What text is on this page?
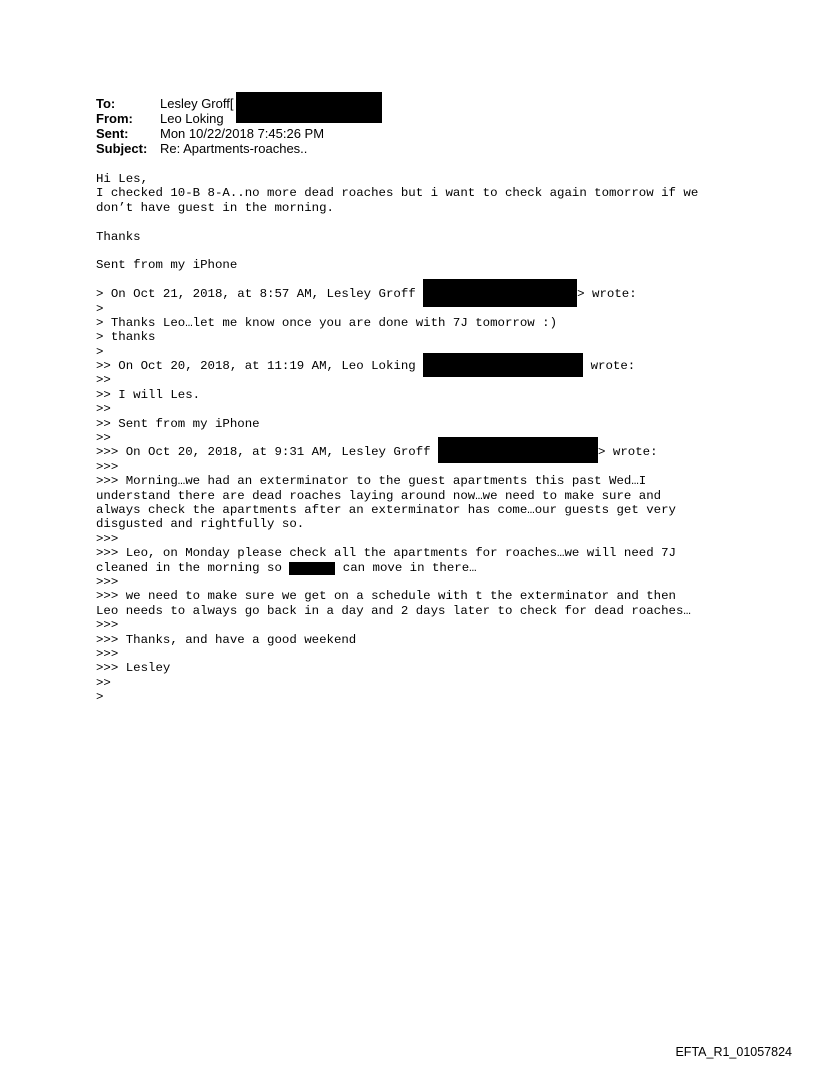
To:	Lesley Groff[
From: Leo Loking
Sent: Mon 10/22/2018 7:45:26 PM
Subject: Re: Apartments-roaches..
Hi Les,
I checked 10-B 8-A..no more dead roaches but i want to check again tomorrow if we
don’t have guest in the morning.
Thanks
Sent from my iPhone
> On Oct 21, 2018, at 8:57 AM, Lesley Groff	> wrote:
>
> Thanks Leo…let me know once you are done with 7J tomorrow :)
> thanks
>
>> On Oct 20, 2018, at 11:19 AM, Leo Loking	wrote:
>>
>> I will Les.
>>
>> Sent from my iPhone
>>
>>> On Oct 20, 2018, at 9:31 AM, Lesley Groff	> wrote:
>>>
>>> Morning…we had an exterminator to the guest apartments this past Wed…I
understand there are dead roaches laying around now…we need to make sure and
always check the apartments after an exterminator has come…our guests get very
disgusted and rightfully so.
>>>
>>> Leo, on Monday please check all the apartments for roaches…we will need 7J
cleaned in the morning so	can move in there…
>>>
>>> we need to make sure we get on a schedule with t the exterminator and then
Leo needs to always go back in a day and 2 days later to check for dead roaches…
>>>
>>> Thanks, and have a good weekend
>>>
>>> Lesley
>>
>
EFTA_R1_01057824
